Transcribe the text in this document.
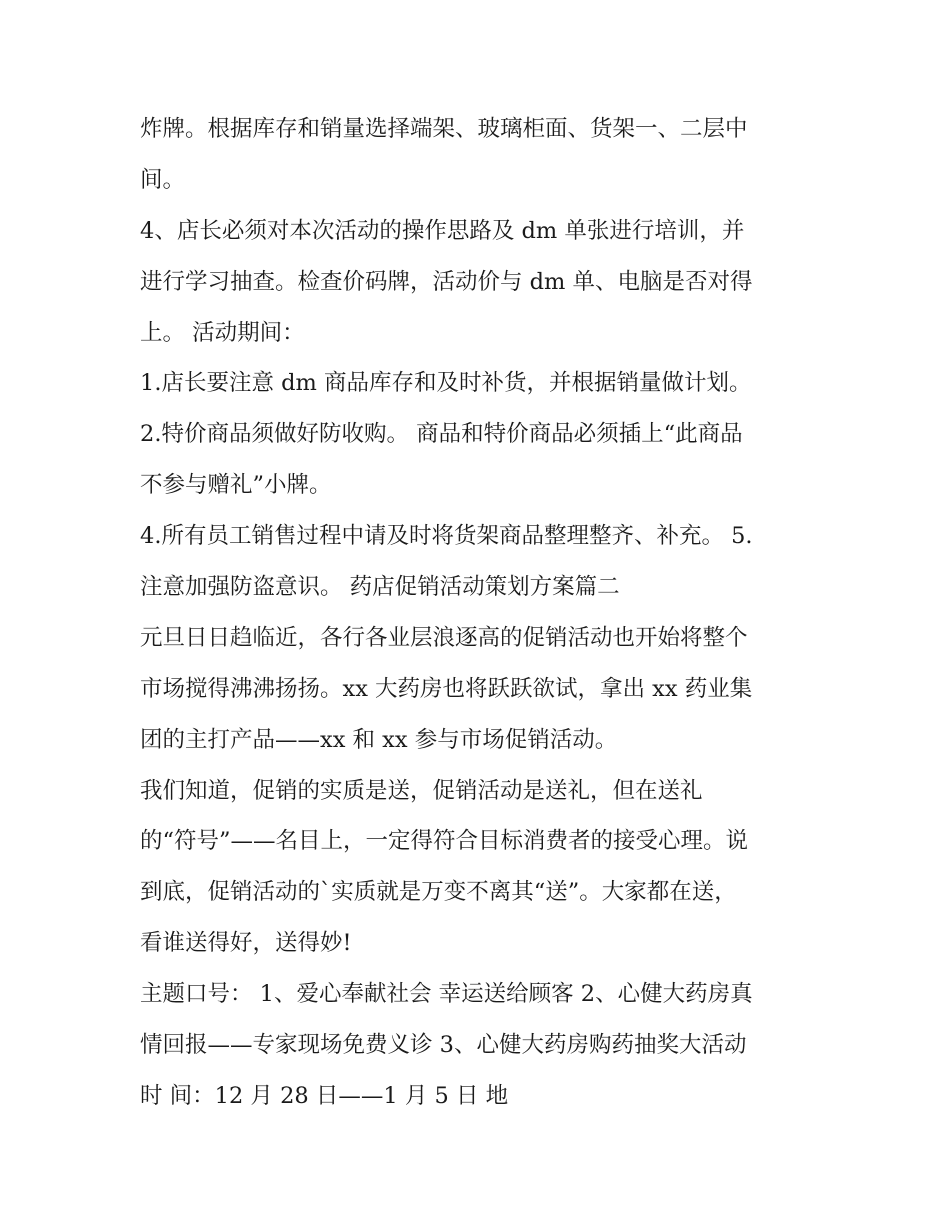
炸牌。根据库存和销量选择端架、玻璃柜面、货架一、二层中
间。
4、店长必须对本次活动的操作思路及 dm 单张进行培训，并
进行学习抽查。检查价码牌，活动价与 dm 单、电脑是否对得
上。 活动期间：
1.店长要注意 dm 商品库存和及时补货，并根据销量做计划。
2.特价商品须做好防收购。 商品和特价商品必须插上“此商品
不参与赠礼”小牌。
4.所有员工销售过程中请及时将货架商品整理整齐、补充。 5.
注意加强防盗意识。 药店促销活动策划方案篇二
元旦日日趋临近，各行各业层浪逐高的促销活动也开始将整个
市场搅得沸沸扬扬。xx 大药房也将跃跃欲试，拿出 xx 药业集
团的主打产品——xx 和 xx 参与市场促销活动。
我们知道，促销的实质是送，促销活动是送礼，但在送礼
的“符号”——名目上，一定得符合目标消费者的接受心理。说
到底，促销活动的`实质就是万变不离其“送”。大家都在送，
看谁送得好，送得妙!
主题口号： 1、爱心奉献社会 幸运送给顾客 2、心健大药房真
情回报——专家现场免费义诊 3、心健大药房购药抽奖大活动
时 间：12 月 28 日——1 月 5 日 地
